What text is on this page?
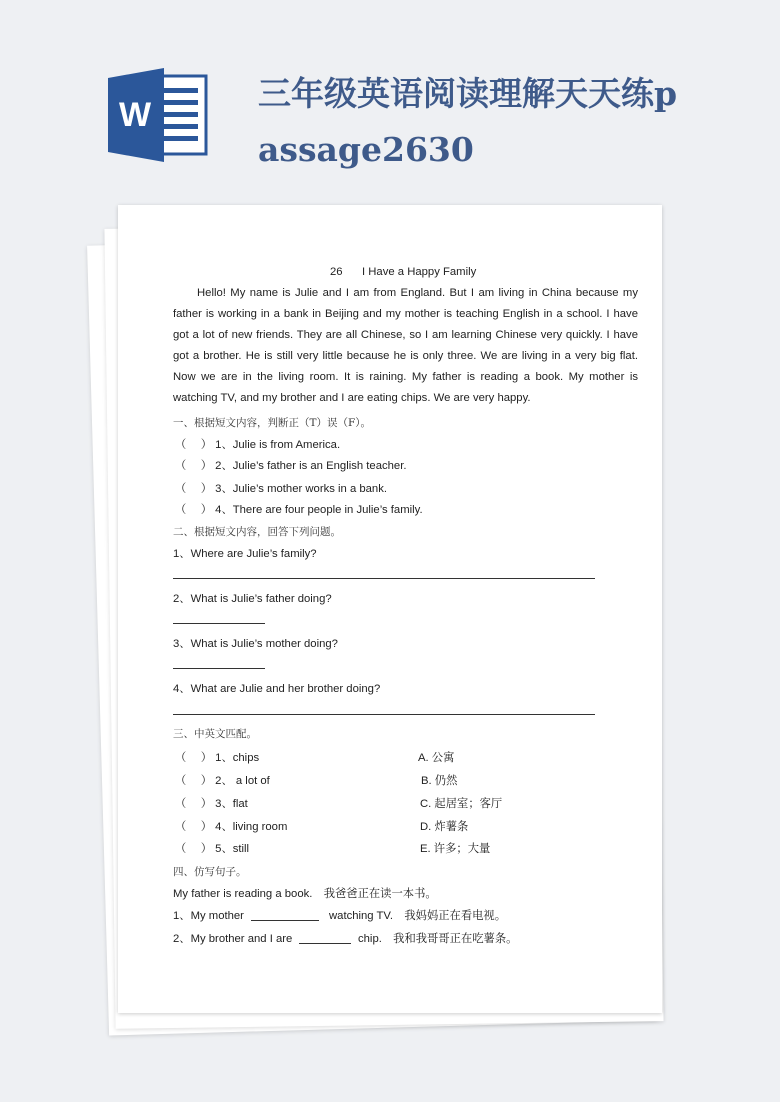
W
三年级英语阅读理解天天练passage2630
26 I Have a Happy Family
Hello! My name is Julie and I am from England. But I am living in China because my father is working in a bank in Beijing and my mother is teaching English in a school. I have got a lot of new friends. They are all Chinese, so I am learning Chinese very quickly. I have got a brother. He is still very little because he is only three. We are living in a very big flat. Now we are in the living room. It is raining. My father is reading a book. My mother is watching TV, and my brother and I are eating chips. We are very happy.
一、根据短文内容，判断正（T）误（F）。
（　 ） 1、Julie is from America.
（　 ） 2、Julie’s father is an English teacher.
（　 ） 3、Julie’s mother works in a bank.
（　 ） 4、There are four people in Julie’s family.
二、根据短文内容，回答下列问题。
1、Where are Julie’s family?
2、What is Julie’s father doing?
3、What is Julie’s mother doing?
4、What are Julie and her brother doing?
三、中英文匹配。
（　 ） 1、chips
（　 ） 2、 a lot of
（　 ） 3、flat
（　 ） 4、living room
（　 ） 5、still
A. 公寓
B. 仍然
C. 起居室；客厅
D. 炸薯条
E. 许多；大量
四、仿写句子。
My father is reading a book.　我爸爸正在读一本书。
1、My mother	watching TV.　我妈妈正在看电视。
2、My brother and I are	chip.　我和我哥哥正在吃薯条。
